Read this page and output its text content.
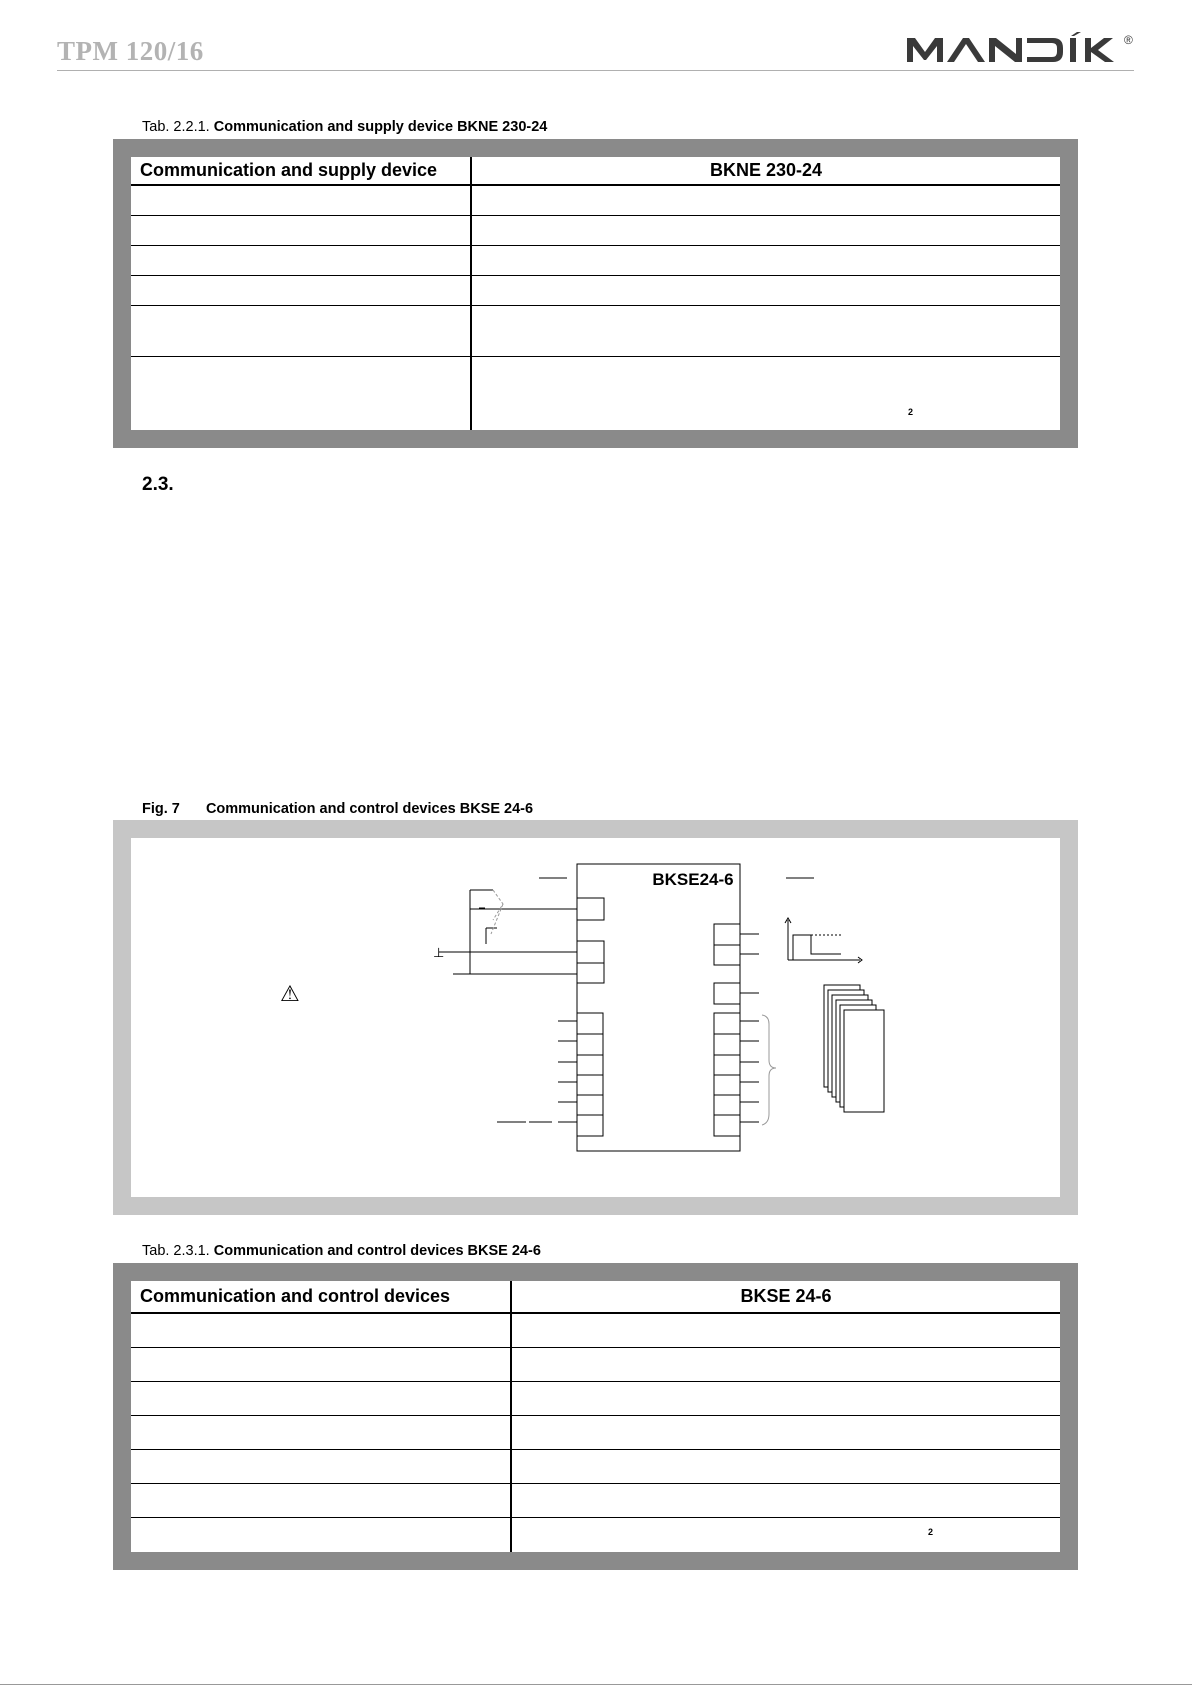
TPM 120/16	®
Tab. 2.2.1. Communication and supply device BKNE 230-24
Communication and supply device	BKNE 230-24

2
2.3.
Fig. 7 Communication and control devices BKSE 24-6
BKSE24-6
⊥
⚠
Tab. 2.3.1. Communication and control devices BKSE 24-6
Communication and control devices	BKSE 24-6

2
